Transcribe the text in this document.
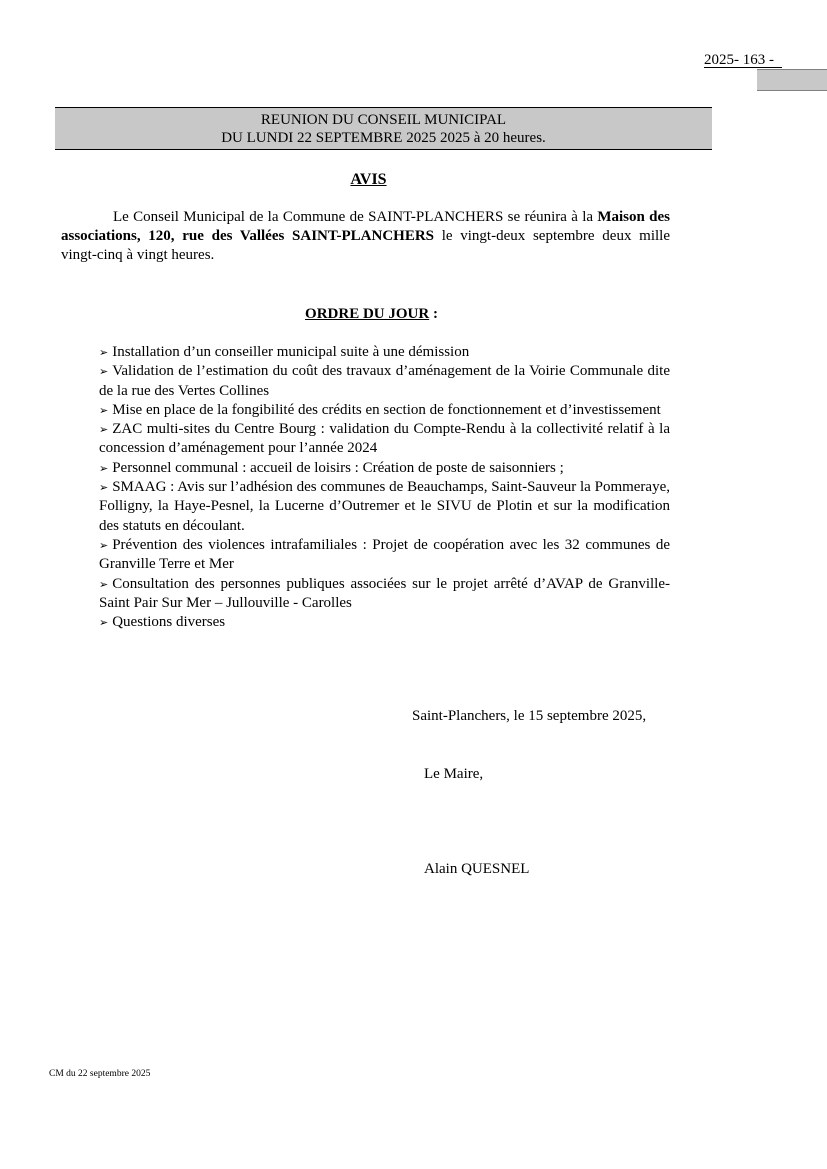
2025- 163 -
REUNION DU CONSEIL MUNICIPAL
DU LUNDI 22 SEPTEMBRE 2025 2025 à 20 heures.
AVIS
Le Conseil Municipal de la Commune de SAINT-PLANCHERS se réunira à la Maison des associations, 120, rue des Vallées SAINT-PLANCHERS le vingt-deux septembre deux mille vingt-cinq à vingt heures.
ORDRE DU JOUR :
➢ Installation d’un conseiller municipal suite à une démission
➢ Validation de l’estimation du coût des travaux d’aménagement de la Voirie Communale dite de la rue des Vertes Collines
➢ Mise en place de la fongibilité des crédits en section de fonctionnement et d’investissement
➢ ZAC multi-sites du Centre Bourg : validation du Compte-Rendu à la collectivité relatif à la concession d’aménagement pour l’année 2024
➢ Personnel communal : accueil de loisirs : Création de poste de saisonniers ;
➢ SMAAG : Avis sur l’adhésion des communes de Beauchamps, Saint-Sauveur la Pommeraye, Folligny, la Haye-Pesnel, la Lucerne d’Outremer et le SIVU de Plotin et sur la modification des statuts en découlant.
➢ Prévention des violences intrafamiliales : Projet de coopération avec les 32 communes de Granville Terre et Mer
➢ Consultation des personnes publiques associées sur le projet arrêté d’AVAP de Granville-Saint Pair Sur Mer – Jullouville - Carolles
➢ Questions diverses
Saint-Planchers, le 15 septembre 2025,
Le Maire,
Alain QUESNEL
CM du 22 septembre 2025
